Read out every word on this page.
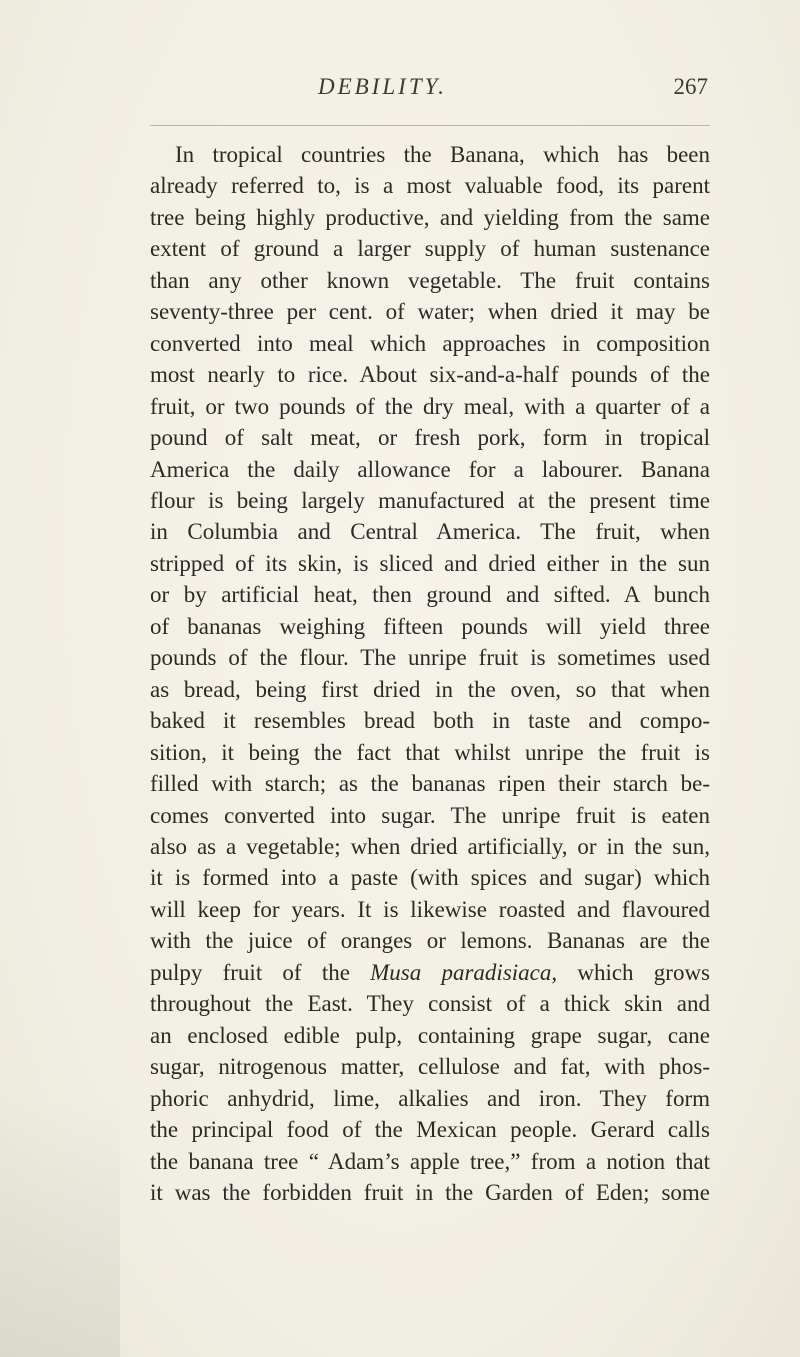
DEBILITY.	267
In tropical countries the Banana, which has been
already referred to, is a most valuable food, its parent
tree being highly productive, and yielding from the same
extent of ground a larger supply of human sustenance
than any other known vegetable. The fruit contains
seventy-three per cent. of water; when dried it may be
converted into meal which approaches in composition
most nearly to rice. About six-and-a-half pounds of the
fruit, or two pounds of the dry meal, with a quarter of a
pound of salt meat, or fresh pork, form in tropical
America the daily allowance for a labourer. Banana
flour is being largely manufactured at the present time
in Columbia and Central America. The fruit, when
stripped of its skin, is sliced and dried either in the sun
or by artificial heat, then ground and sifted. A bunch
of bananas weighing fifteen pounds will yield three
pounds of the flour. The unripe fruit is sometimes used
as bread, being first dried in the oven, so that when
baked it resembles bread both in taste and compo-
sition, it being the fact that whilst unripe the fruit is
filled with starch; as the bananas ripen their starch be-
comes converted into sugar. The unripe fruit is eaten
also as a vegetable; when dried artificially, or in the sun,
it is formed into a paste (with spices and sugar) which
will keep for years. It is likewise roasted and flavoured
with the juice of oranges or lemons. Bananas are the
pulpy fruit of the Musa paradisiaca, which grows
throughout the East. They consist of a thick skin and
an enclosed edible pulp, containing grape sugar, cane
sugar, nitrogenous matter, cellulose and fat, with phos-
phoric anhydrid, lime, alkalies and iron. They form
the principal food of the Mexican people. Gerard calls
the banana tree “ Adam’s apple tree,” from a notion that
it was the forbidden fruit in the Garden of Eden; some
